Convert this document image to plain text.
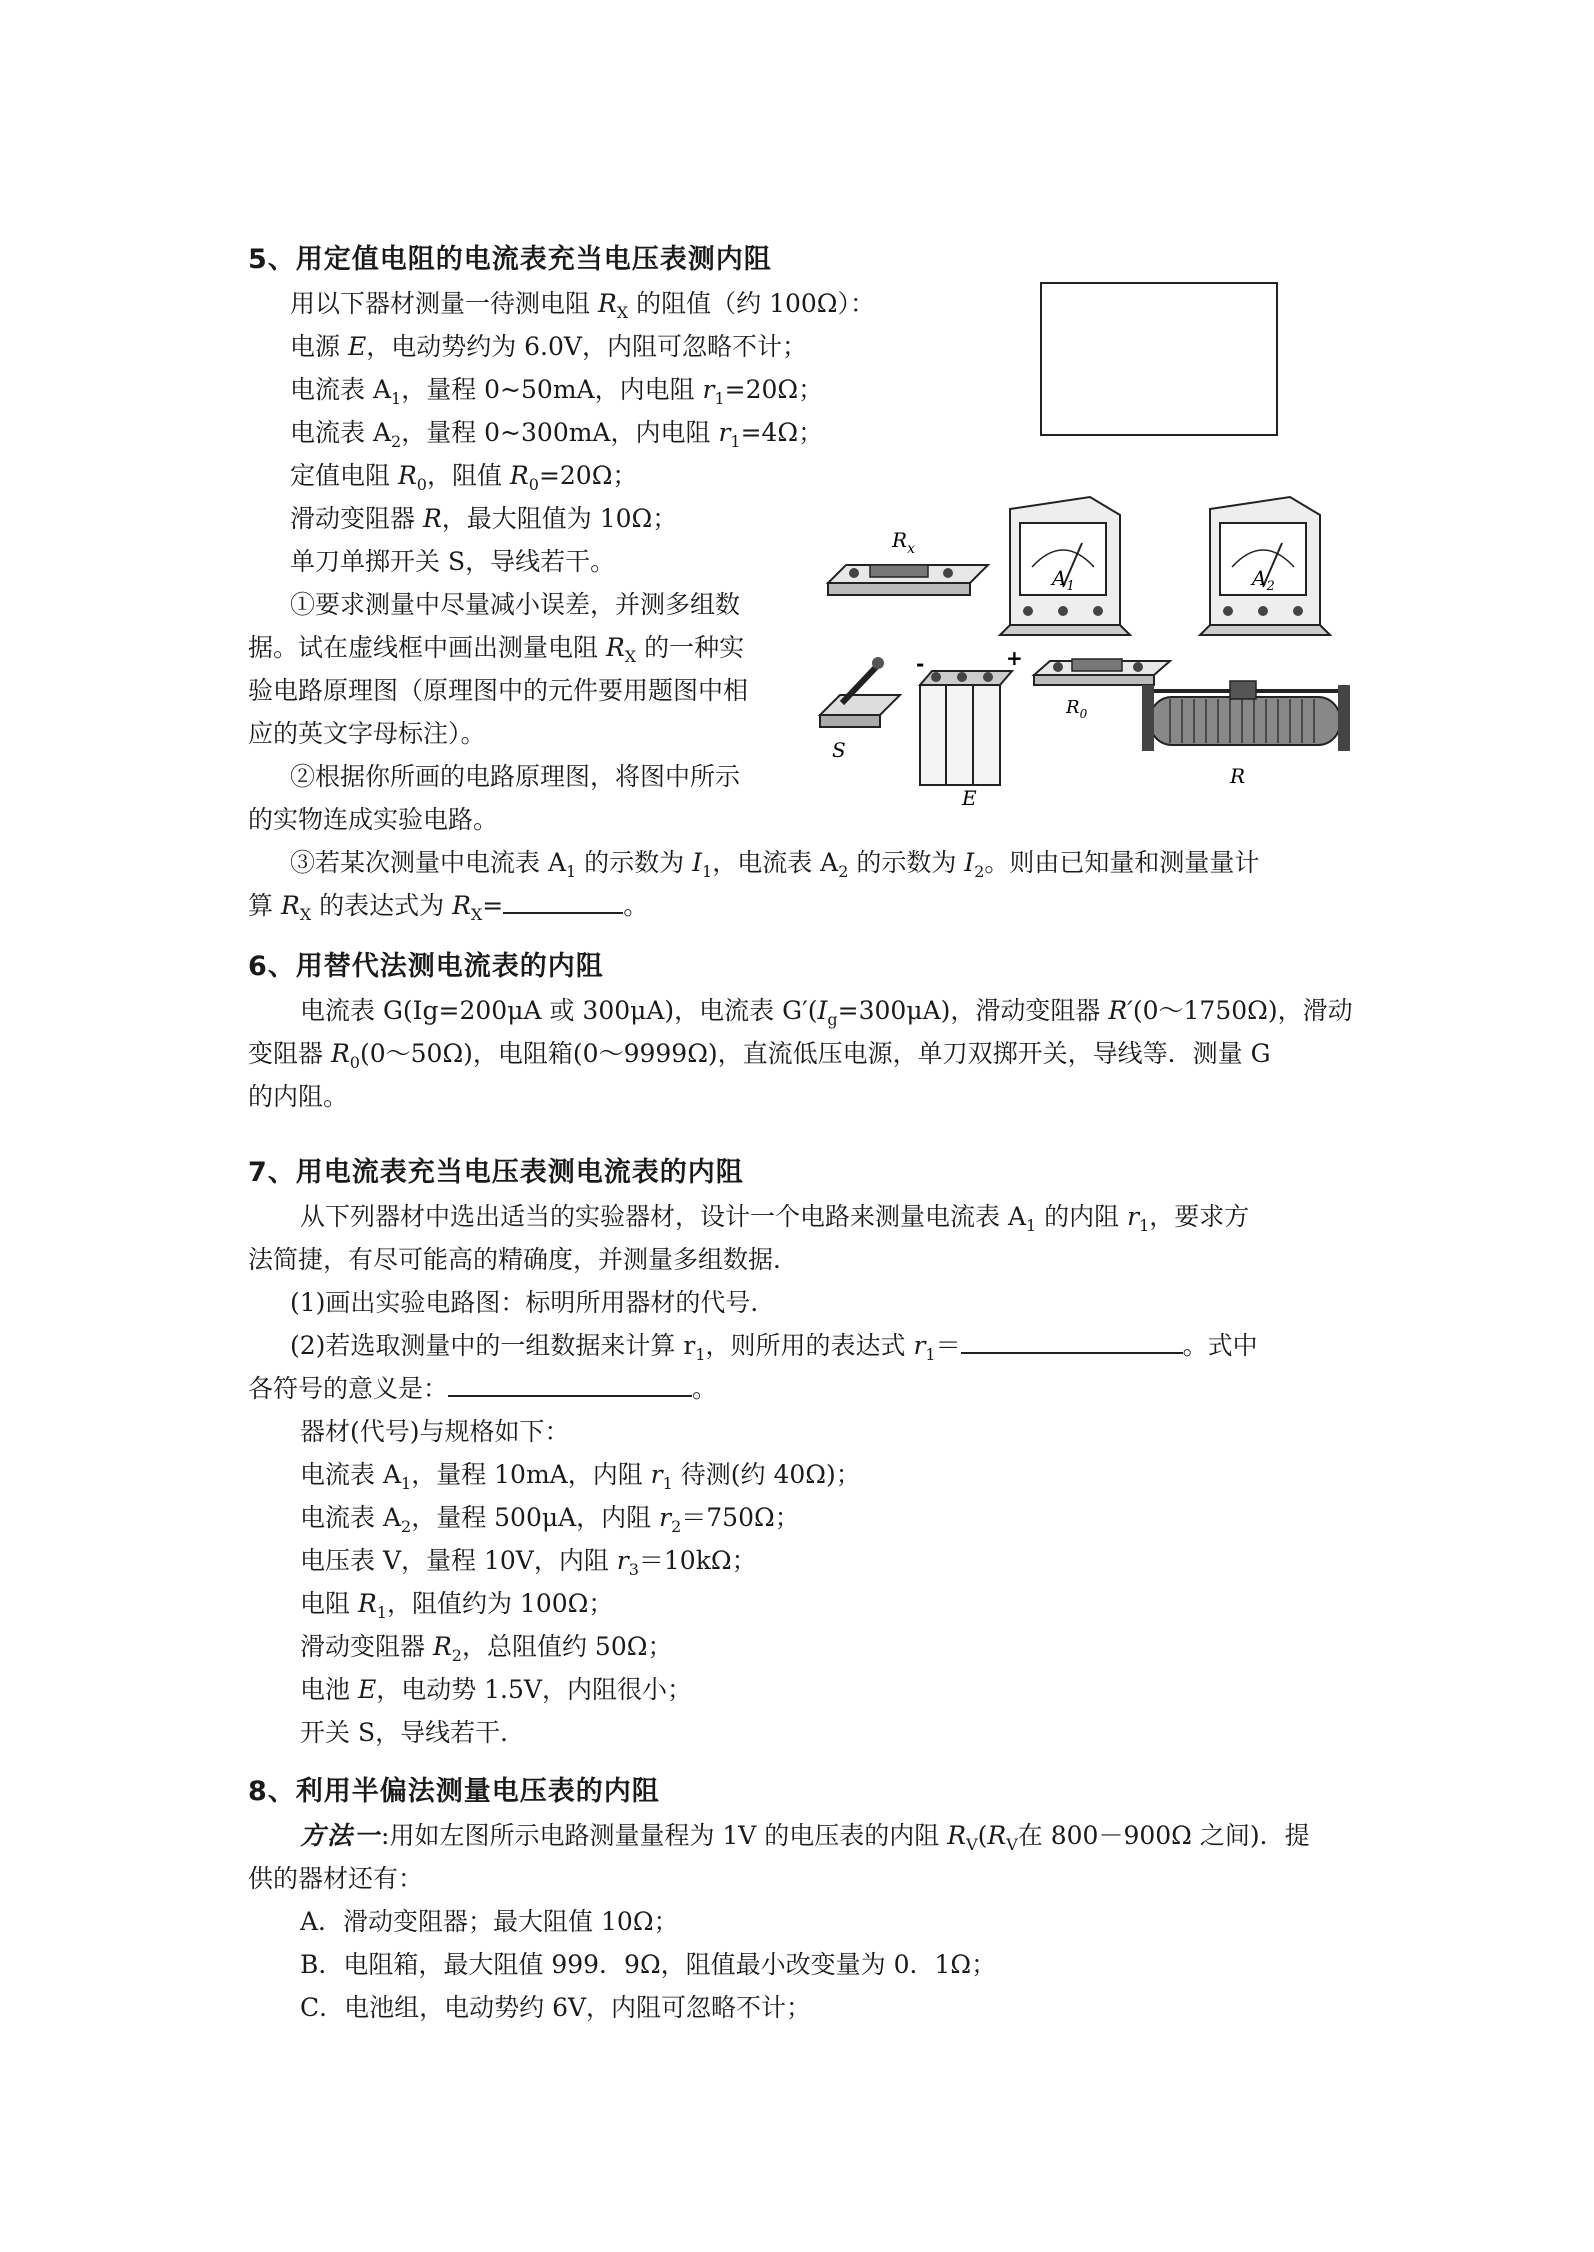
5、用定值电阻的电流表充当电压表测内阻
用以下器材测量一待测电阻 $R_X$ 的阻值（约 100Ω）：
电源 E，电动势约为 6.0V，内阻可忽略不计；
电流表 $A_1$，量程 0~50mA，内电阻 $r_1=20\Omega$；
电流表 $A_2$，量程 0~300mA，内电阻 $r_1=4\Omega$；
定值电阻 $R_0$，阻值 $R_0=20\Omega$；
滑动变阻器 R，最大阻值为 10Ω；
单刀单掷开关 S，导线若干。
①要求测量中尽量减小误差，并测多组数
据。试在虚线框中画出测量电阻 $R_X$ 的一种实
验电路原理图（原理图中的元件要用题图中相
应的英文字母标注）。
②根据你所画的电路原理图，将图中所示
的实物连成实验电路。
③若某次测量中电流表 $A_1$ 的示数为 $I_1$，电流表 $A_2$ 的示数为 $I_2$。则由已知量和测量量计
算 $R_X$ 的表达式为 $R_X=$	。
$R_x$
$A_1$	$A_2$
S
-	+
E
$R_0$
R
6、用替代法测电流表的内阻
电流表 G(Ig=200μA 或 300μA)，电流表 $G'(I_g=300\mu A)$，滑动变阻器 R′(0～1750Ω)，滑动
变阻器 $R_0(0\sim 50\Omega)$，电阻箱(0～9999Ω)，直流低压电源，单刀双掷开关，导线等．测量 G
的内阻。
7、用电流表充当电压表测电流表的内阻
从下列器材中选出适当的实验器材，设计一个电路来测量电流表 $A_1$ 的内阻 $r_1$，要求方
法简捷，有尽可能高的精确度，并测量多组数据．
(1)画出实验电路图：标明所用器材的代号．
(2)若选取测量中的一组数据来计算 $r_1$，则所用的表达式 $r_1=$	。式中
各符号的意义是：	。
器材(代号)与规格如下：
电流表 $A_1$，量程 10mA，内阻 $r_1$ 待测(约 40Ω)；
电流表 $A_2$，量程 500μA，内阻 $r_2=750\Omega$；
电压表 V，量程 10V，内阻 $r_3=10k\Omega$；
电阻 $R_1$，阻值约为 100Ω；
滑动变阻器 $R_2$，总阻值约 50Ω；
电池 E，电动势 1.5V，内阻很小；
开关 S，导线若干．
8、利用半偏法测量电压表的内阻
方法一:用如左图所示电路测量量程为 1V 的电压表的内阻 $R_V(R_V$在 800－900Ω 之间)．提
供的器材还有：
A．滑动变阻器；最大阻值 10Ω；
B．电阻箱，最大阻值 999．9Ω，阻值最小改变量为 0．1Ω；
C．电池组，电动势约 6V，内阻可忽略不计；
